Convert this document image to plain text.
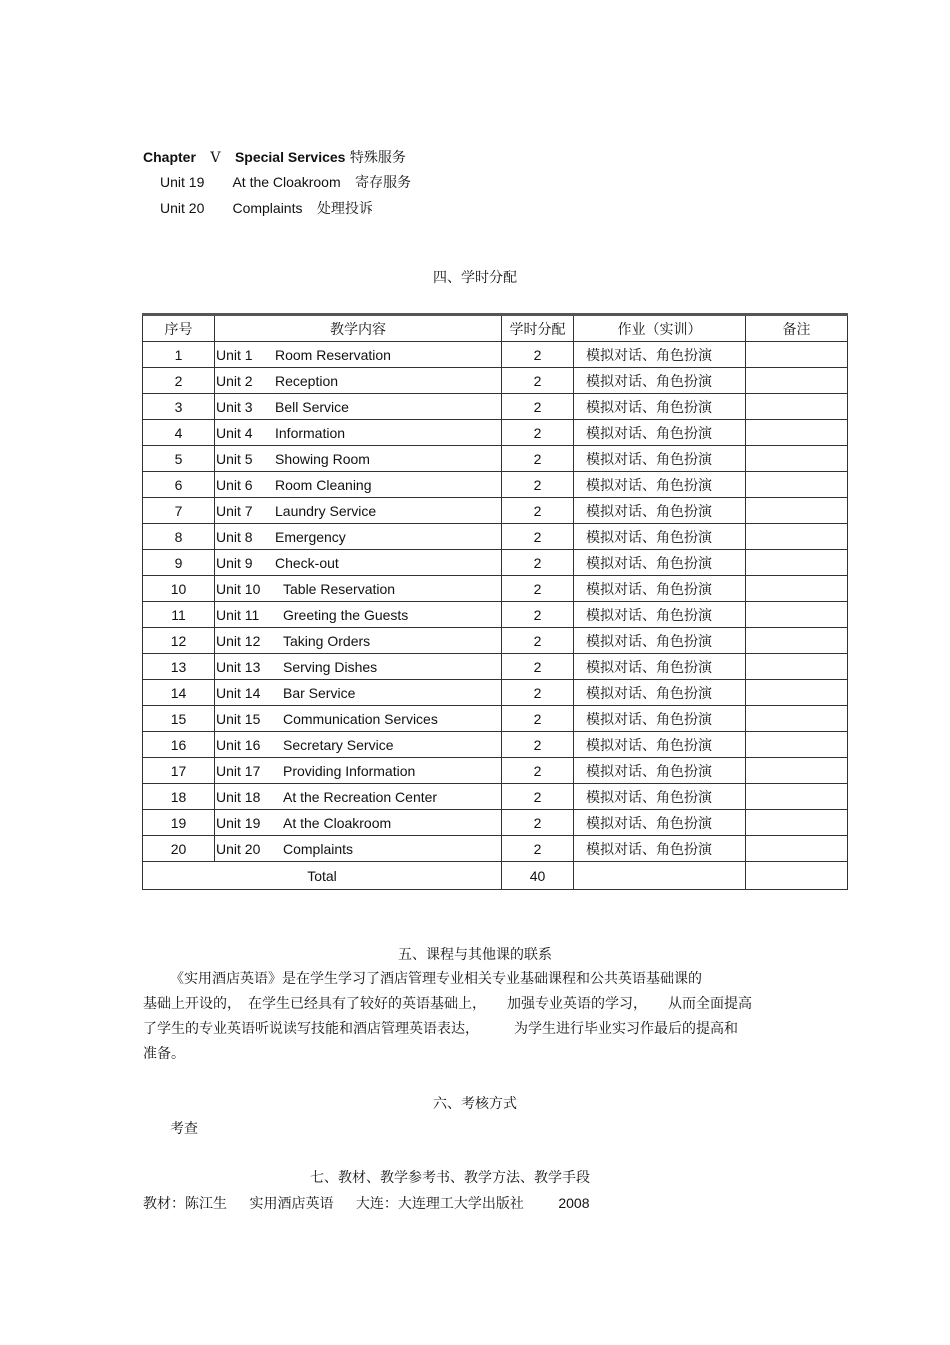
Chapter Ⅴ Special Services 特殊服务
Unit 19 At the Cloakroom 寄存服务
Unit 20 Complaints 处理投诉
四、学时分配
序号	教学内容	学时分配	作业（实训）	备注
1	Unit 1 Room Reservation	2	模拟对话、角色扮演	
2	Unit 2 Reception	2	模拟对话、角色扮演	
3	Unit 3 Bell Service	2	模拟对话、角色扮演	
4	Unit 4 Information	2	模拟对话、角色扮演	
5	Unit 5 Showing Room	2	模拟对话、角色扮演	
6	Unit 6 Room Cleaning	2	模拟对话、角色扮演	
7	Unit 7 Laundry Service	2	模拟对话、角色扮演	
8	Unit 8 Emergency	2	模拟对话、角色扮演	
9	Unit 9 Check-out	2	模拟对话、角色扮演	
10	Unit 10 Table Reservation	2	模拟对话、角色扮演	
11	Unit 11 Greeting the Guests	2	模拟对话、角色扮演	
12	Unit 12 Taking Orders	2	模拟对话、角色扮演	
13	Unit 13 Serving Dishes	2	模拟对话、角色扮演	
14	Unit 14 Bar Service	2	模拟对话、角色扮演	
15	Unit 15 Communication Services	2	模拟对话、角色扮演	
16	Unit 16 Secretary Service	2	模拟对话、角色扮演	
17	Unit 17 Providing Information	2	模拟对话、角色扮演	
18	Unit 18 At the Recreation Center	2	模拟对话、角色扮演	
19	Unit 19 At the Cloakroom	2	模拟对话、角色扮演	
20	Unit 20 Complaints	2	模拟对话、角色扮演	
Total		40		
五、课程与其他课的联系
《实用酒店英语》是在学生学习了酒店管理专业相关专业基础课程和公共英语基础课的
基础上开设的，　在学生已经具有了较好的英语基础上，　　加强专业英语的学习，　　从而全面提高
了学生的专业英语听说读写技能和酒店管理英语表达，　　　为学生进行毕业实习作最后的提高和
准备。
六、考核方式
考查
七、教材、教学参考书、教学方法、教学手段
教材：陈江生 实用酒店英语 大连：大连理工大学出版社 2008
